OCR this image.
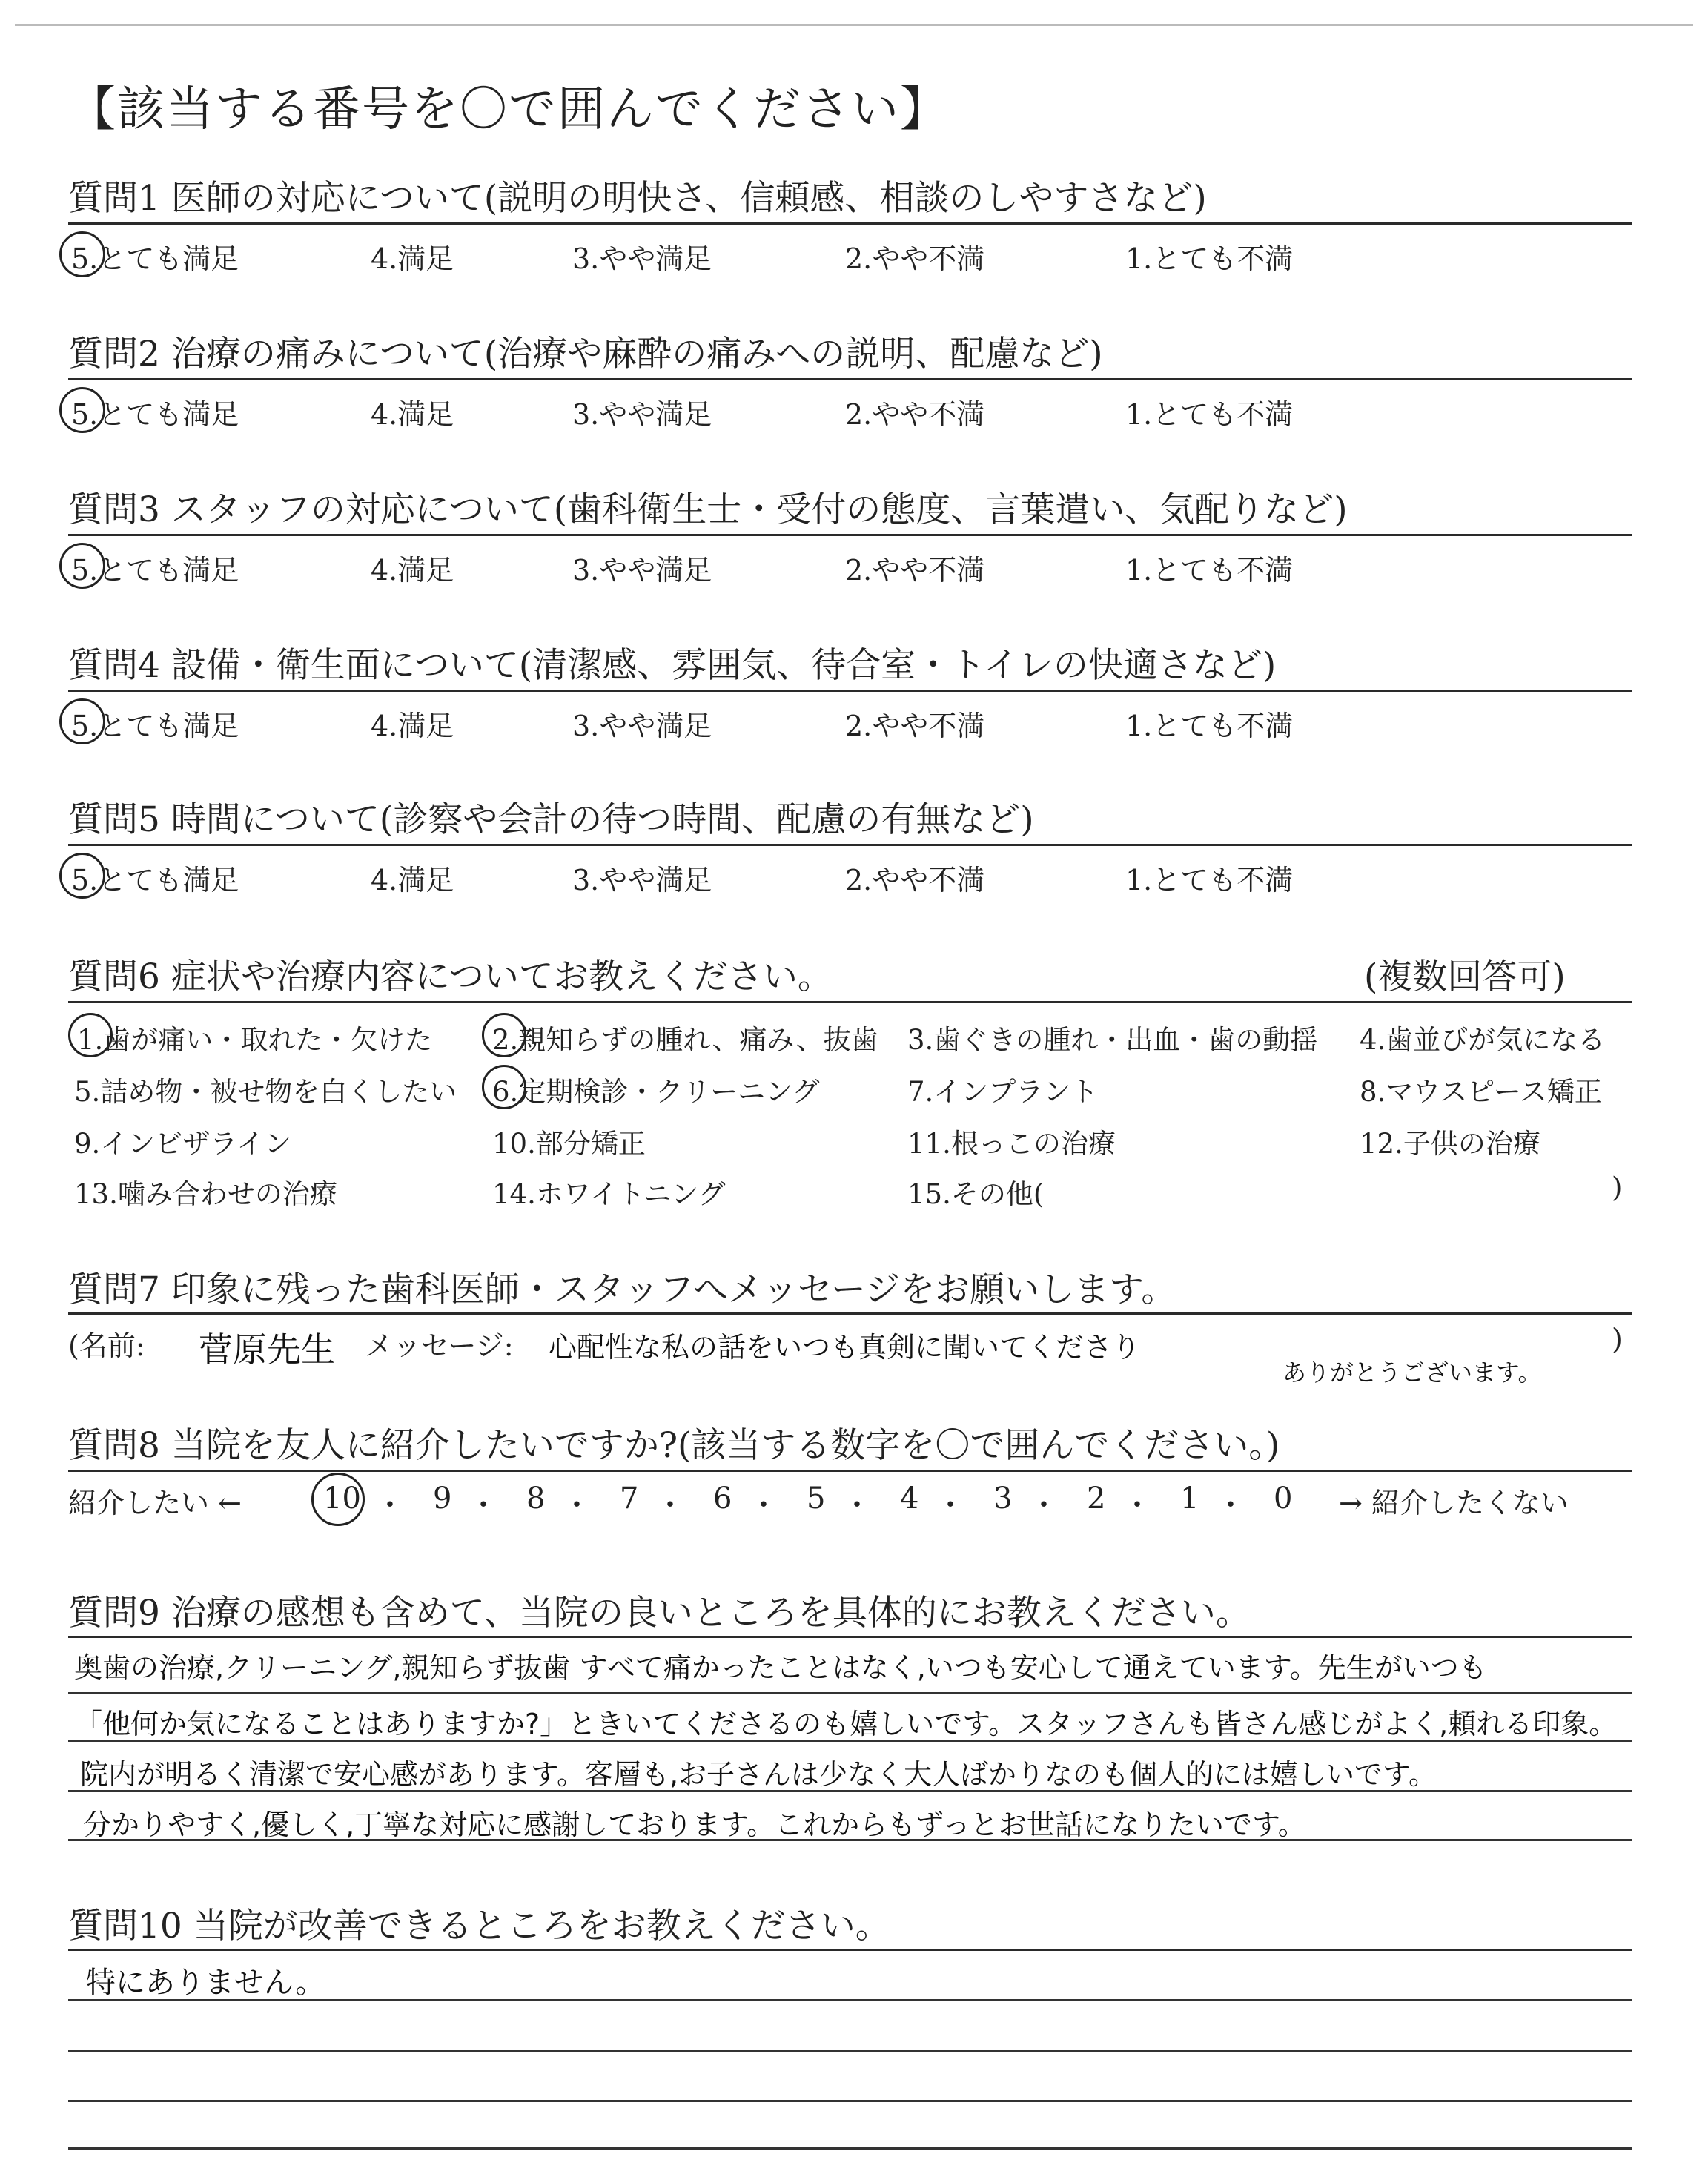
【該当する番号を〇で囲んでください】
質問1 医師の対応について(説明の明快さ、信頼感、相談のしやすさなど)
5.とても満足	4.満足	3.やや満足	2.やや不満	1.とても不満
質問2 治療の痛みについて(治療や麻酔の痛みへの説明、配慮など)
5.とても満足	4.満足	3.やや満足	2.やや不満	1.とても不満
質問3 スタッフの対応について(歯科衛生士・受付の態度、言葉遣い、気配りなど)
5.とても満足	4.満足	3.やや満足	2.やや不満	1.とても不満
質問4 設備・衛生面について(清潔感、雰囲気、待合室・トイレの快適さなど)
5.とても満足	4.満足	3.やや満足	2.やや不満	1.とても不満
質問5 時間について(診察や会計の待つ時間、配慮の有無など)
5.とても満足	4.満足	3.やや満足	2.やや不満	1.とても不満
質問6 症状や治療内容についてお教えください。	(複数回答可)
1.歯が痛い・取れた・欠けた 2.親知らずの腫れ、痛み、抜歯 3.歯ぐきの腫れ・出血・歯の動揺 4.歯並びが気になる
5.詰め物・被せ物を白くしたい 6.定期検診・クリーニング	7.インプラント	8.マウスピース矯正
9.インビザライン	10.部分矯正	11.根っこの治療	12.子供の治療
13.噛み合わせの治療	14.ホワイトニング	15.その他(	)
質問7 印象に残った歯科医師・スタッフへメッセージをお願いします。
(名前: 菅原先生 メッセージ: 心配性な私の話をいつも真剣に聞いてくださり
ありがとうございます。
)
質問8 当院を友人に紹介したいですか?(該当する数字を〇で囲んでください。)
紹介したい ←	10 ・ 9 ・ 8 ・ 7 ・ 6 ・ 5 ・ 4 ・ 3 ・ 2 ・ 1 ・ 0 → 紹介したくない
質問9 治療の感想も含めて、当院の良いところを具体的にお教えください。
奥歯の治療,クリーニング,親知らず抜歯 すべて痛かったことはなく,いつも安心して通えています。先生がいつも
「他何か気になることはありますか?」ときいてくださるのも嬉しいです。スタッフさんも皆さん感じがよく,頼れる印象。
院内が明るく清潔で安心感があります。客層も,お子さんは少なく大人ばかりなのも個人的には嬉しいです。
分かりやすく,優しく,丁寧な対応に感謝しております。これからもずっとお世話になりたいです。
質問10 当院が改善できるところをお教えください。
特にありません。
